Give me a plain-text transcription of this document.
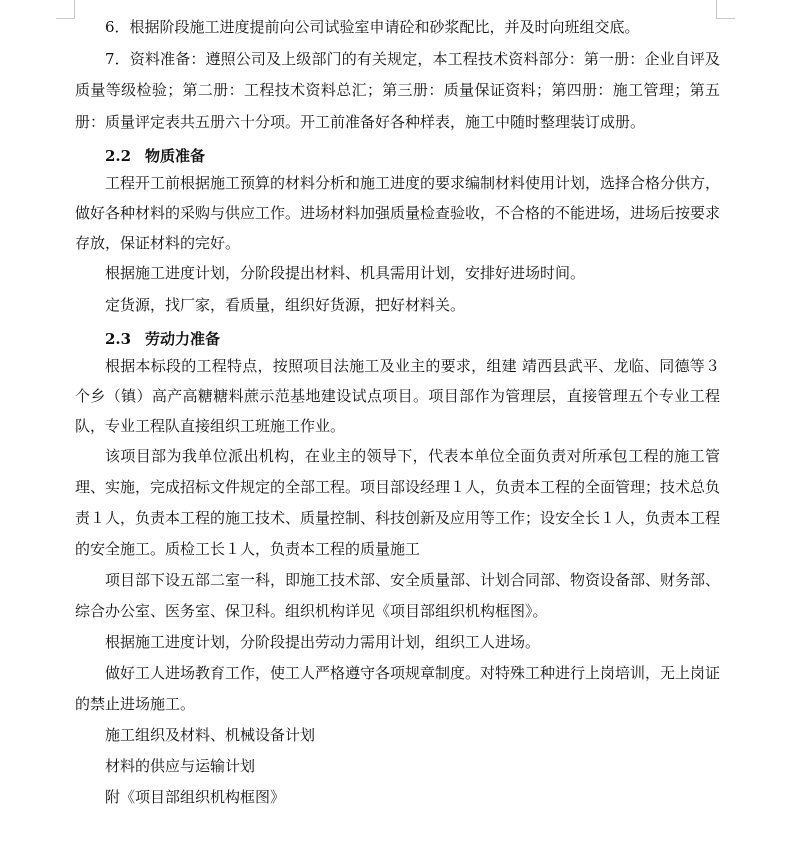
6．根据阶段施工进度提前向公司试验室申请砼和砂浆配比，并及时向班组交底。

7．资料准备：遵照公司及上级部门的有关规定，本工程技术资料部分：第一册：企业自评及质量等级检验；第二册：工程技术资料总汇；第三册：质量保证资料；第四册：施工管理；第五册：质量评定表共五册六十分项。开工前准备好各种样表，施工中随时整理装订成册。

2.2 物质准备

工程开工前根据施工预算的材料分析和施工进度的要求编制材料使用计划，选择合格分供方，做好各种材料的采购与供应工作。进场材料加强质量检查验收，不合格的不能进场，进场后按要求存放，保证材料的完好。

根据施工进度计划，分阶段提出材料、机具需用计划，安排好进场时间。

定货源，找厂家，看质量，组织好货源，把好材料关。

2.3 劳动力准备

根据本标段的工程特点，按照项目法施工及业主的要求，组建 靖西县武平、龙临、同德等３个乡（镇）高产高糖糖料蔗示范基地建设试点项目。项目部作为管理层，直接管理五个专业工程队，专业工程队直接组织工班施工作业。

该项目部为我单位派出机构，在业主的领导下，代表本单位全面负责对所承包工程的施工管理、实施，完成招标文件规定的全部工程。项目部设经理１人，负责本工程的全面管理；技术总负责１人，负责本工程的施工技术、质量控制、科技创新及应用等工作；设安全长１人，负责本工程的安全施工。质检工长１人，负责本工程的质量施工

项目部下设五部二室一科，即施工技术部、安全质量部、计划合同部、物资设备部、财务部、综合办公室、医务室、保卫科。组织机构详见《项目部组织机构框图》。

根据施工进度计划，分阶段提出劳动力需用计划，组织工人进场。

做好工人进场教育工作，使工人严格遵守各项规章制度。对特殊工种进行上岗培训，无上岗证的禁止进场施工。

施工组织及材料、机械设备计划

材料的供应与运输计划

附《项目部组织机构框图》
